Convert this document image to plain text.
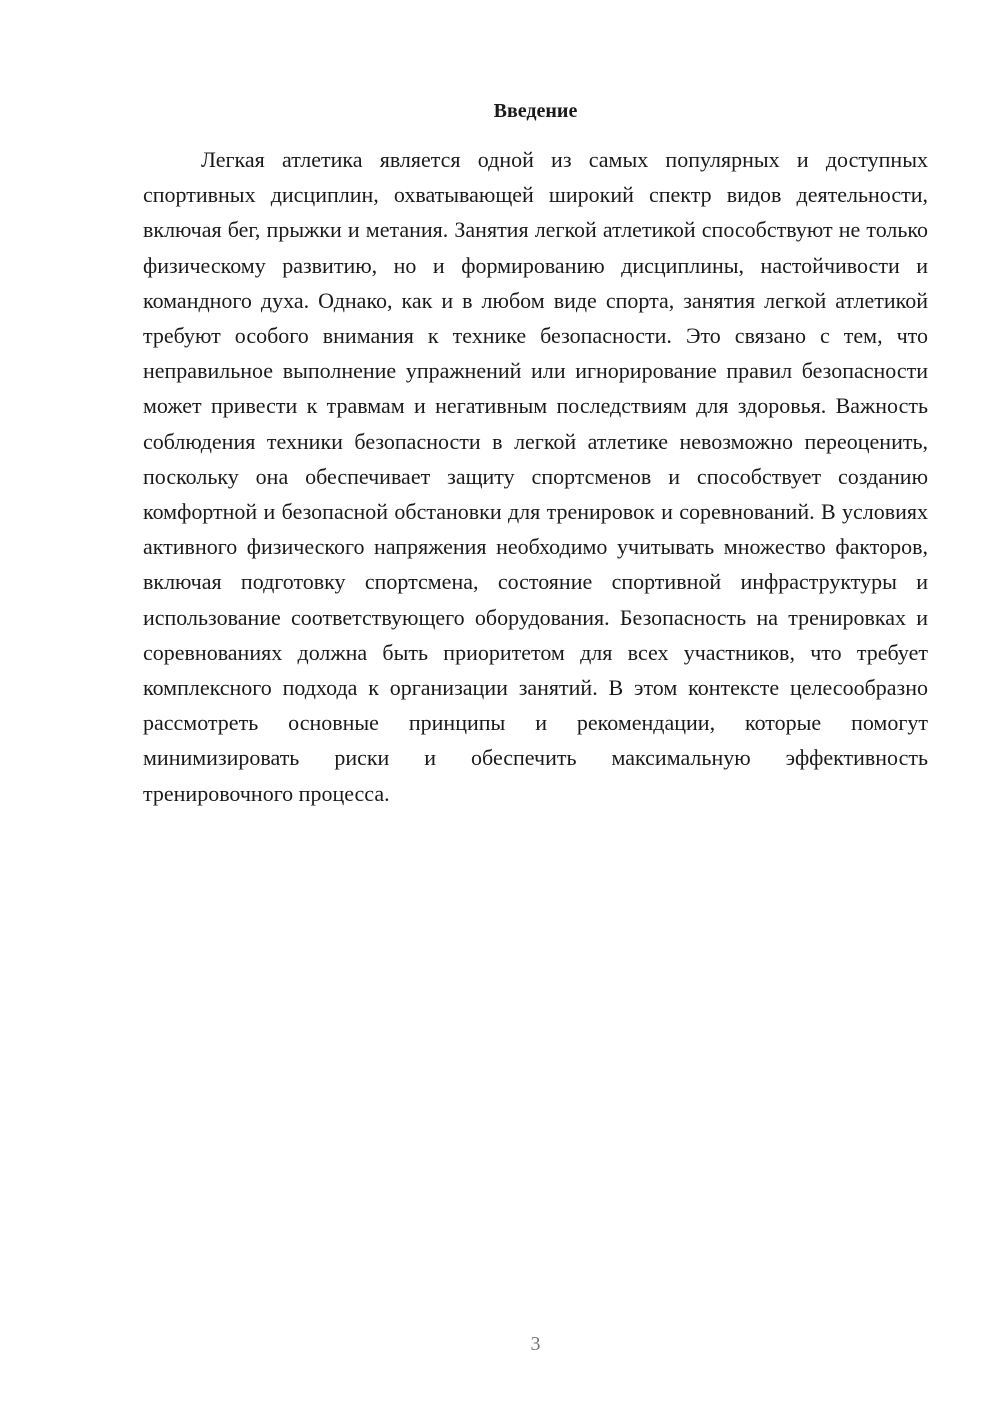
Введение

Легкая атлетика является одной из самых популярных и доступных спортивных дисциплин, охватывающей широкий спектр видов деятельности, включая бег, прыжки и метания. Занятия легкой атлетикой способствуют не только физическому развитию, но и формированию дисциплины, настойчивости и командного духа. Однако, как и в любом виде спорта, занятия легкой атлетикой требуют особого внимания к технике безопасности. Это связано с тем, что неправильное выполнение упражнений или игнорирование правил безопасности может привести к травмам и негативным последствиям для здоровья. Важность соблюдения техники безопасности в легкой атлетике невозможно переоценить, поскольку она обеспечивает защиту спортсменов и способствует созданию комфортной и безопасной обстановки для тренировок и соревнований. В условиях активного физического напряжения необходимо учитывать множество факторов, включая подготовку спортсмена, состояние спортивной инфраструктуры и использование соответствующего оборудования. Безопасность на тренировках и соревнованиях должна быть приоритетом для всех участников, что требует комплексного подхода к организации занятий. В этом контексте целесообразно рассмотреть основные принципы и рекомендации, которые помогут минимизировать риски и обеспечить максимальную эффективность тренировочного процесса.

3
